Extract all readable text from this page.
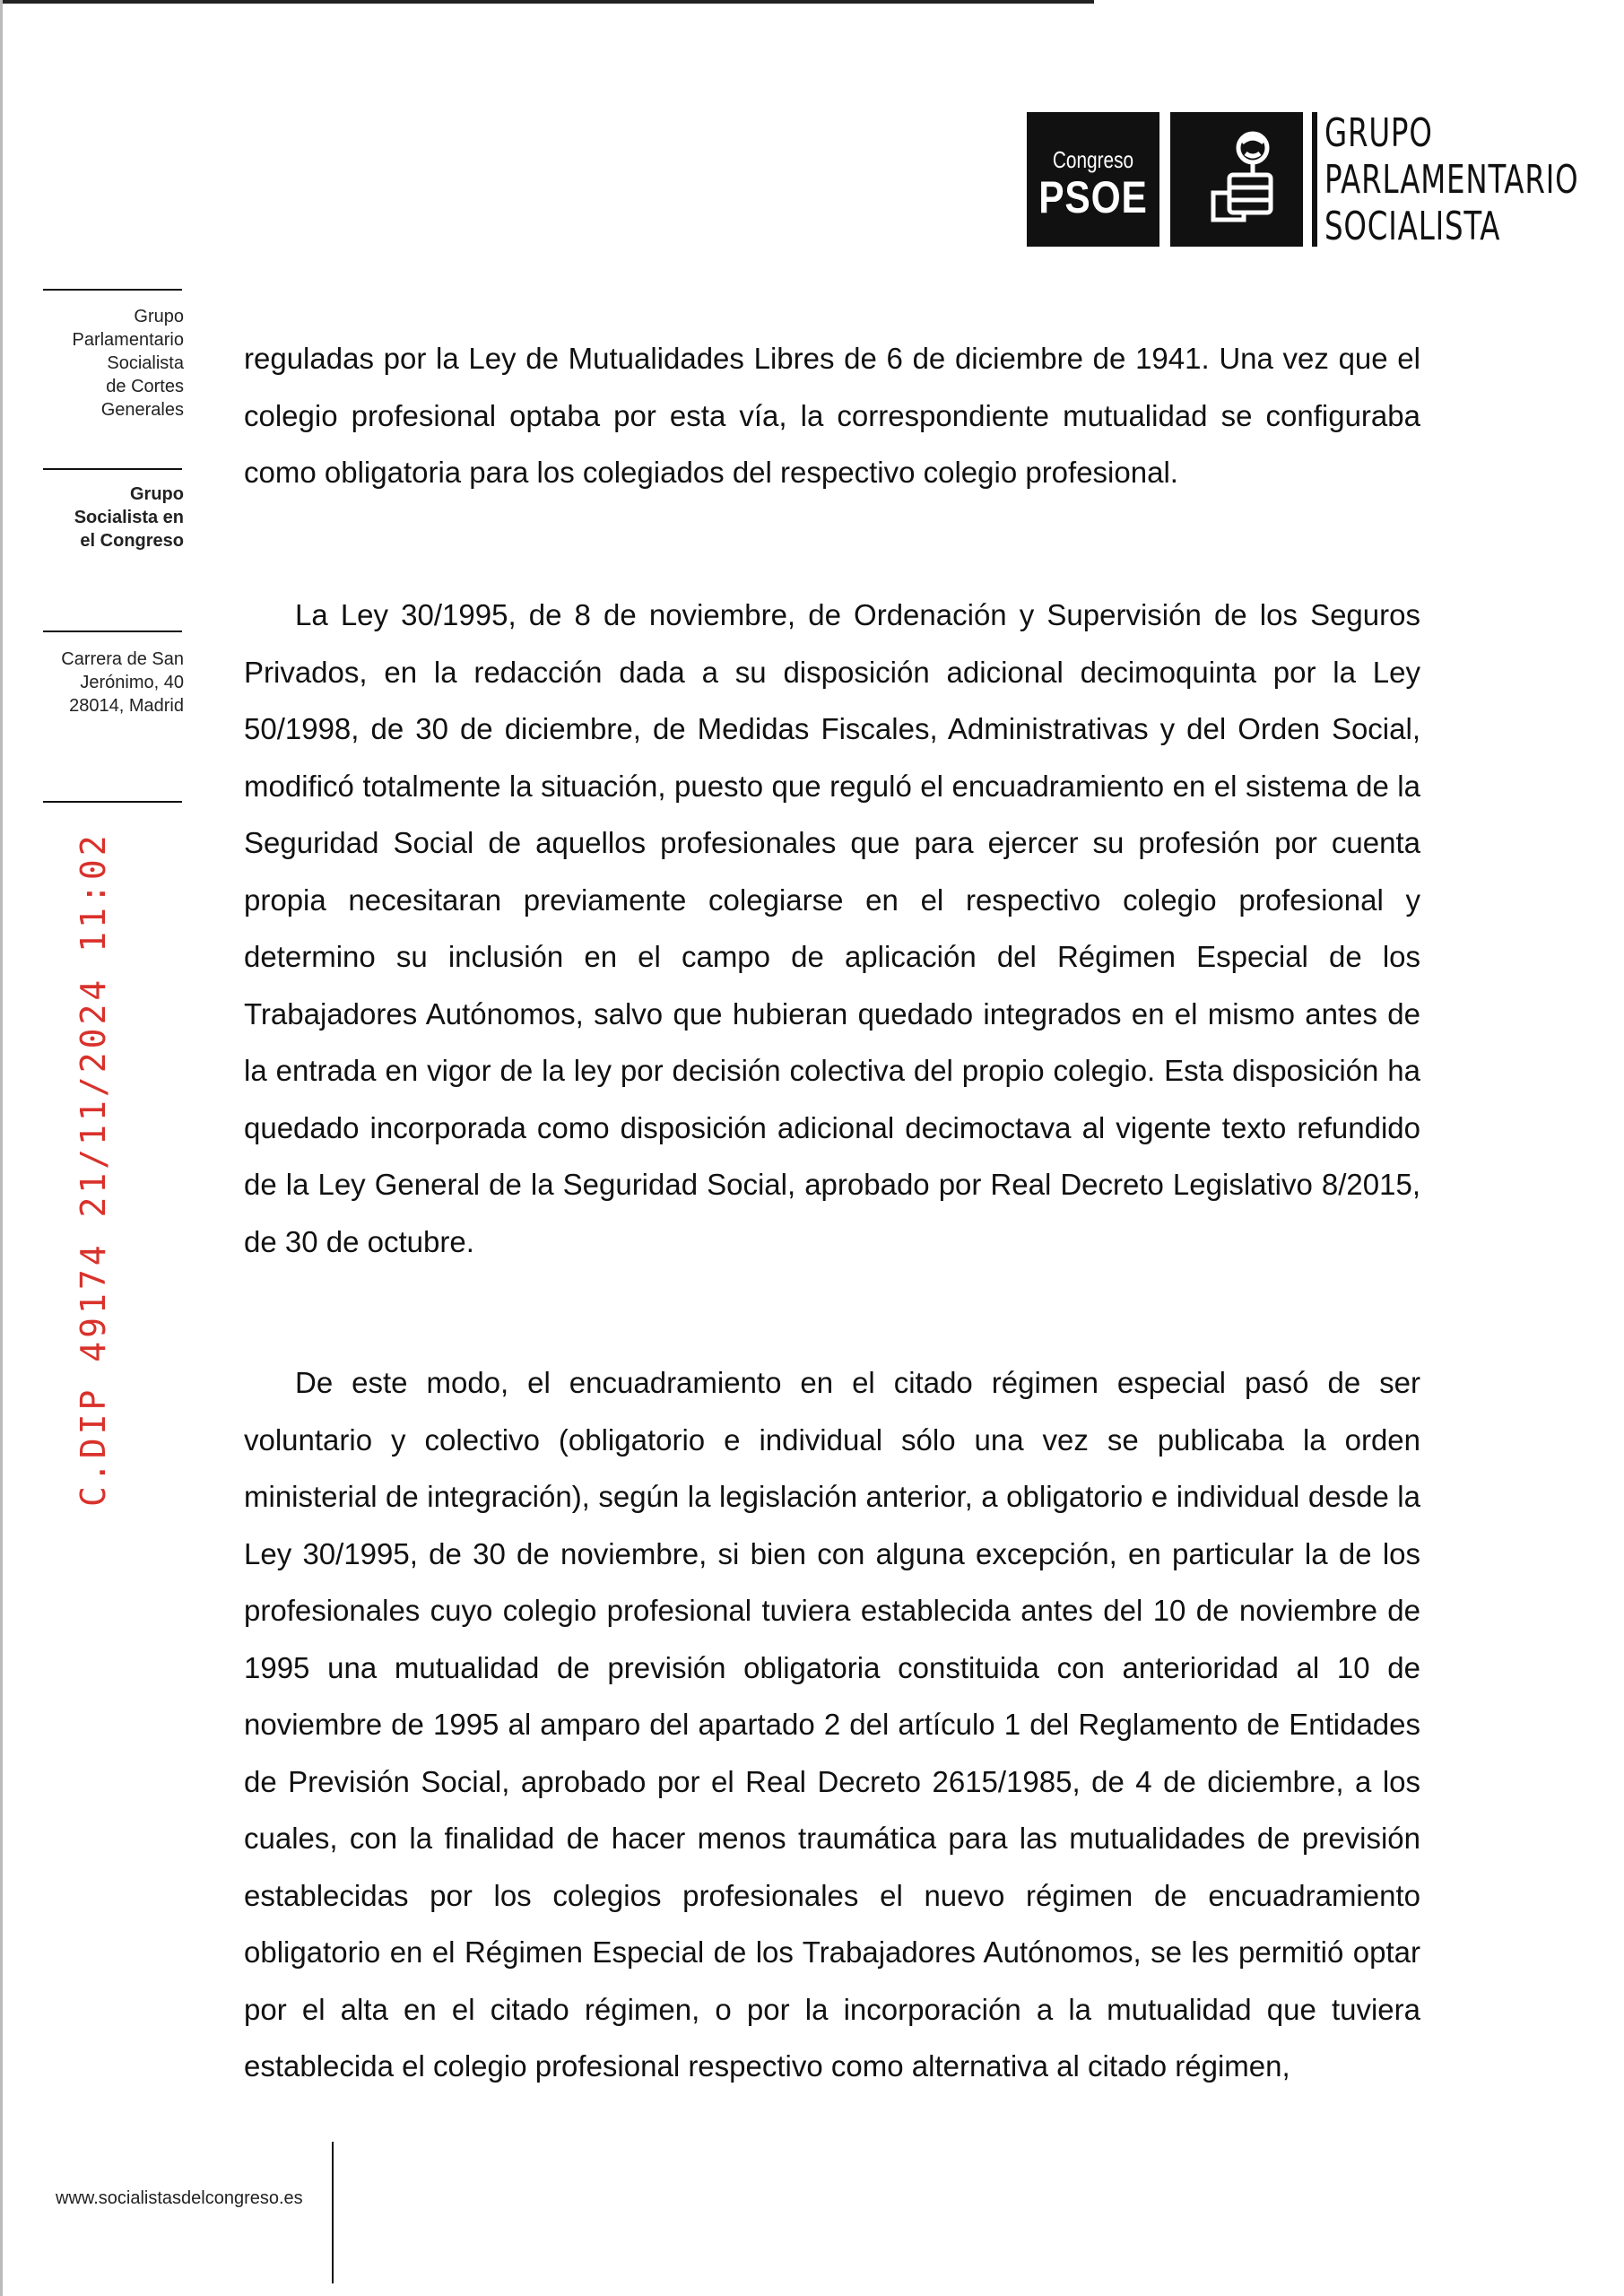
Congreso
PSOE
GRUPO
PARLAMENTARIO
SOCIALISTA
Grupo
Parlamentario
Socialista
de Cortes
Generales
Grupo
Socialista en
el Congreso
Carrera de San
Jerónimo, 40
28014, Madrid
C.DIP 49174 21/11/2024 11:02

reguladas por la Ley de Mutualidades Libres de 6 de diciembre de 1941. Una vez que el colegio profesional optaba por esta vía, la correspondiente mutualidad se configuraba como obligatoria para los colegiados del respectivo colegio profesional.

La Ley 30/1995, de 8 de noviembre, de Ordenación y Supervisión de los Seguros Privados, en la redacción dada a su disposición adicional decimoquinta por la Ley 50/1998, de 30 de diciembre, de Medidas Fiscales, Administrativas y del Orden Social, modificó totalmente la situación, puesto que reguló el encuadramiento en el sistema de la Seguridad Social de aquellos profesionales que para ejercer su profesión por cuenta propia necesitaran previamente colegiarse en el respectivo colegio profesional y determino su inclusión en el campo de aplicación del Régimen Especial de los Trabajadores Autónomos, salvo que hubieran quedado integrados en el mismo antes de la entrada en vigor de la ley por decisión colectiva del propio colegio. Esta disposición ha quedado incorporada como disposición adicional decimoctava al vigente texto refundido de la Ley General de la Seguridad Social, aprobado por Real Decreto Legislativo 8/2015, de 30 de octubre.

De este modo, el encuadramiento en el citado régimen especial pasó de ser voluntario y colectivo (obligatorio e individual sólo una vez se publicaba la orden ministerial de integración), según la legislación anterior, a obligatorio e individual desde la Ley 30/1995, de 30 de noviembre, si bien con alguna excepción, en particular la de los profesionales cuyo colegio profesional tuviera establecida antes del 10 de noviembre de 1995 una mutualidad de previsión obligatoria constituida con anterioridad al 10 de noviembre de 1995 al amparo del apartado 2 del artículo 1 del Reglamento de Entidades de Previsión Social, aprobado por el Real Decreto 2615/1985, de 4 de diciembre, a los cuales, con la finalidad de hacer menos traumática para las mutualidades de previsión establecidas por los colegios profesionales el nuevo régimen de encuadramiento obligatorio en el Régimen Especial de los Trabajadores Autónomos, se les permitió optar por el alta en el citado régimen, o por la incorporación a la mutualidad que tuviera establecida el colegio profesional respectivo como alternativa al citado régimen,

www.socialistasdelcongreso.es
